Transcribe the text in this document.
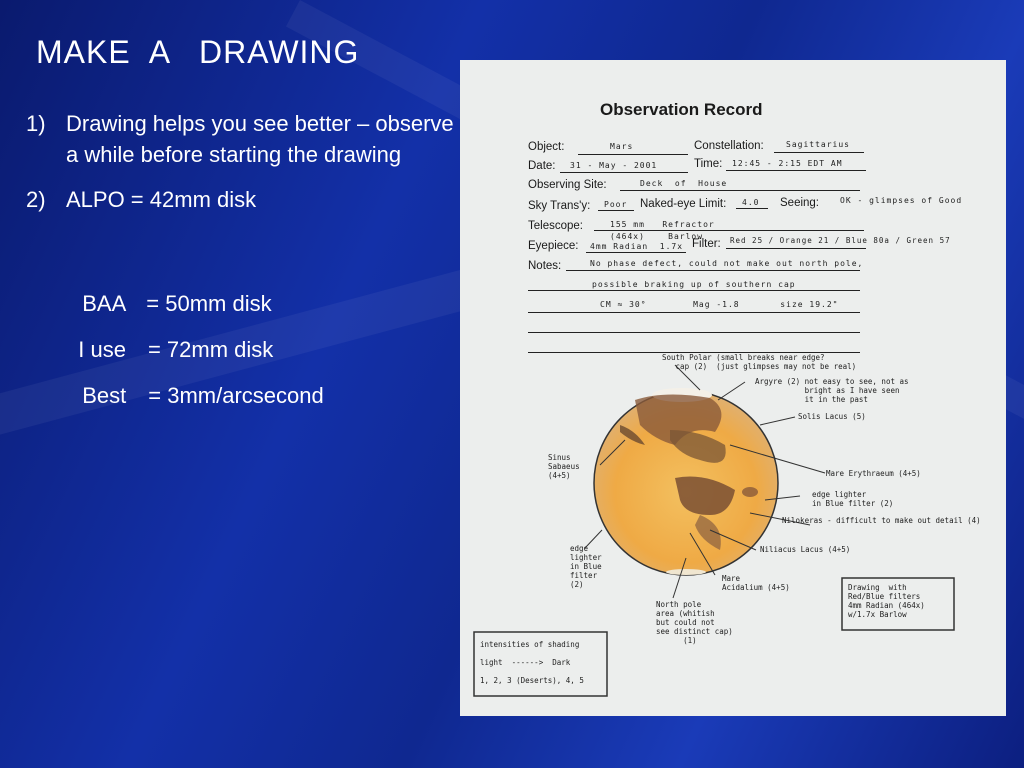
MAKE  A   DRAWING
1) Drawing helps you see better – observe a while before starting the drawing
2) ALPO = 42mm disk

BAA = 50mm disk

I use = 72mm disk

Best = 3mm/arcsecond

Observation Record
Object:	Mars	Constellation:	Sagittarius
Date: 31 - May - 2001	Time: 12:45 - 2:15 EDT AM
Observing Site:	Deck  of  House
Sky Trans'y: Poor Naked-eye Limit: 4.0 Seeing:	OK - glimpses of Good
Telescope:	155 mm   Refractor
(464x)    Barlow
Eyepiece: 4mm Radian  1.7x Filter: Red 25 / Orange 21 / Blue 80a / Green 57
Notes:	No phase defect, could not make out north pole,
possible braking up of southern cap
CM ≈ 30°        Mag -1.8       size 19.2"
South Polar (small breaks near edge?
cap (2)  (just glimpses may not be real)
Argyre (2) not easy to see, not as
bright as I have seen
it in the past
Solis Lacus (5)
Sinus
Sabaeus
(4+5)	Mare Erythraeum (4+5)
edge lighter
in Blue filter (2)
Nilokeras - difficult to make out detail (4)
edge
lighter
in Blue
filter
(2)
Niliacus Lacus (4+5)
Mare
Acidalium (4+5)
North pole
area (whitish
but could not
see distinct cap)
(1)
Drawing  with
Red/Blue filters
4mm Radian (464x)
w/1.7x Barlow
intensities of shading

light  ------>  Dark

1, 2, 3 (Deserts), 4, 5
